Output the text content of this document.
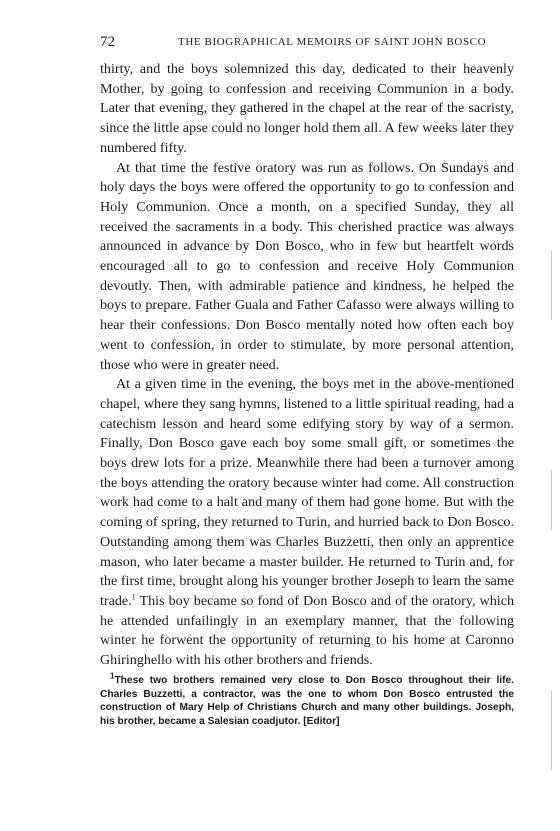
72	THE BIOGRAPHICAL MEMOIRS OF SAINT JOHN BOSCO

thirty, and the boys solemnized this day, dedicated to their heavenly Mother, by going to confession and receiving Communion in a body. Later that evening, they gathered in the chapel at the rear of the sacristy, since the little apse could no longer hold them all. A few weeks later they numbered fifty.

At that time the festive oratory was run as follows. On Sundays and holy days the boys were offered the opportunity to go to confession and Holy Communion. Once a month, on a specified Sunday, they all received the sacraments in a body. This cherished practice was always announced in advance by Don Bosco, who in few but heartfelt words encouraged all to go to confession and receive Holy Communion devoutly. Then, with admirable patience and kindness, he helped the boys to prepare. Father Guala and Father Cafasso were always willing to hear their confessions. Don Bosco mentally noted how often each boy went to confession, in order to stimulate, by more personal attention, those who were in greater need.

At a given time in the evening, the boys met in the above-mentioned chapel, where they sang hymns, listened to a little spiritual reading, had a catechism lesson and heard some edifying story by way of a sermon. Finally, Don Bosco gave each boy some small gift, or sometimes the boys drew lots for a prize. Meanwhile there had been a turnover among the boys attending the oratory because winter had come. All construction work had come to a halt and many of them had gone home. But with the coming of spring, they returned to Turin, and hurried back to Don Bosco. Outstanding among them was Charles Buzzetti, then only an apprentice mason, who later became a master builder. He returned to Turin and, for the first time, brought along his younger brother Joseph to learn the same trade.$^1$ This boy became so fond of Don Bosco and of the oratory, which he attended unfailingly in an exemplary manner, that the following winter he forwent the opportunity of returning to his home at Caronno Ghiringhello with his other brothers and friends.

$^1$These two brothers remained very close to Don Bosco throughout their life. Charles Buzzetti, a contractor, was the one to whom Don Bosco entrusted the construction of Mary Help of Christians Church and many other buildings. Joseph, his brother, became a Salesian coadjutor. [Editor]
